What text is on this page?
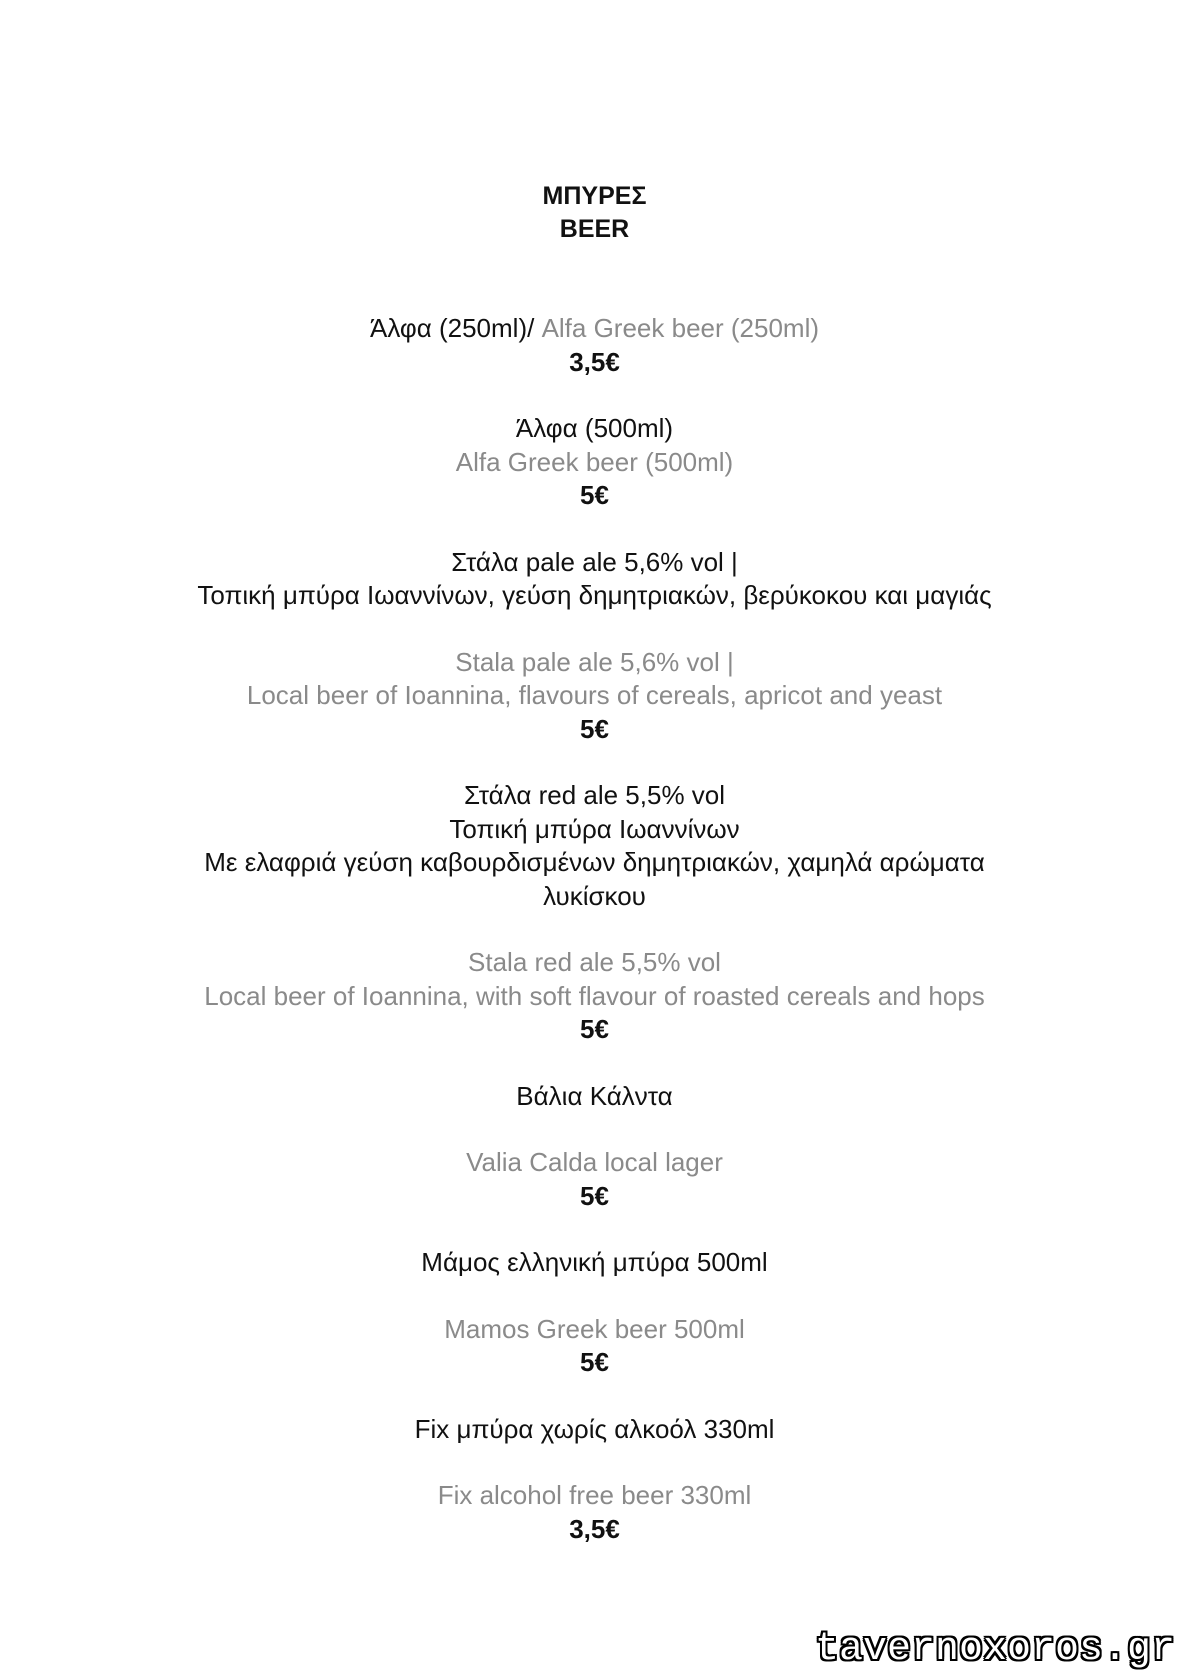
ΜΠΥΡΕΣ
BEER
Άλφα (250ml)/ Alfa Greek beer (250ml)
3,5€
Άλφα (500ml)
Alfa Greek beer (500ml)
5€
Στάλα pale ale 5,6% vol |
Τοπική μπύρα Ιωαννίνων, γεύση δημητριακών, βερύκοκου και μαγιάς
Stala pale ale 5,6% vol |
Local beer of Ioannina, flavours of cereals, apricot and yeast
5€
Στάλα red ale 5,5% vol
Τοπική μπύρα Ιωαννίνων
Με ελαφριά γεύση καβουρδισμένων δημητριακών, χαμηλά αρώματα
λυκίσκου
Stala red ale 5,5% vol
Local beer of Ioannina, with soft flavour of roasted cereals and hops
5€
Βάλια Κάλντα
Valia Calda local lager
5€
Μάμος ελληνική μπύρα 500ml
Mamos Greek beer 500ml
5€
Fix μπύρα χωρίς αλκοόλ 330ml
Fix alcohol free beer 330ml
3,5€
tavernoxoros.gr
